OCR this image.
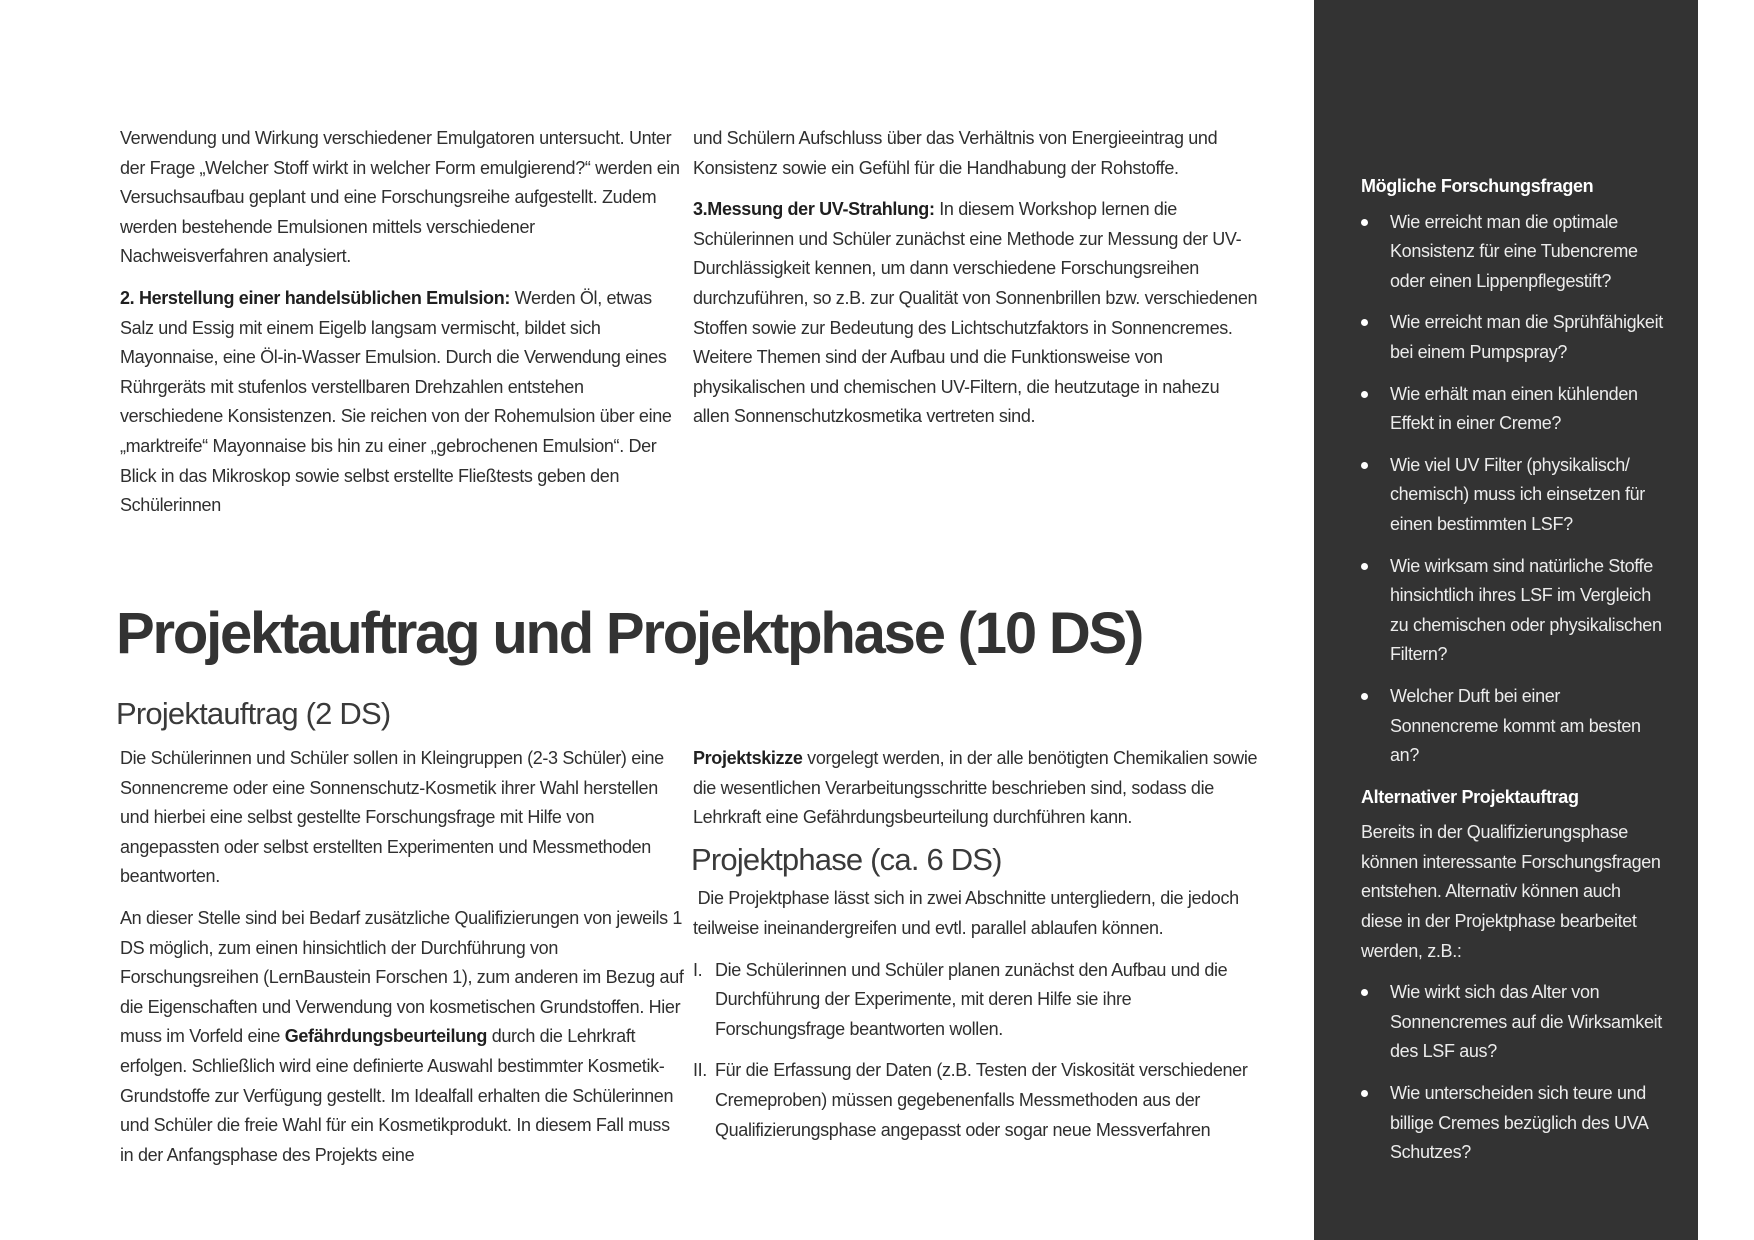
Verwendung und Wirkung verschiedener Emulgatoren untersucht. Unter der Frage „Welcher Stoff wirkt in welcher Form emulgierend?“ werden ein Versuchsaufbau geplant und eine Forschungsreihe aufgestellt. Zudem werden bestehende Emulsionen mittels verschiedener Nachweisverfahren analysiert.

2. Herstellung einer handelsüblichen Emulsion: Werden Öl, etwas Salz und Essig mit einem Eigelb langsam vermischt, bildet sich Mayonnaise, eine Öl-in-Wasser Emulsion. Durch die Verwendung eines Rührgeräts mit stufenlos verstellbaren Drehzahlen entstehen verschiedene Konsistenzen. Sie reichen von der Rohemulsion über eine „marktreife“ Mayonnaise bis hin zu einer „gebrochenen Emulsion“. Der Blick in das Mikroskop sowie selbst erstellte Fließtests geben den Schülerinnen

und Schülern Aufschluss über das Verhältnis von Energieeintrag und Konsistenz sowie ein Gefühl für die Handhabung der Rohstoffe.

3.Messung der UV-Strahlung: In diesem Workshop lernen die Schülerinnen und Schüler zunächst eine Methode zur Messung der UV-Durchlässigkeit kennen, um dann verschiedene Forschungsreihen durchzuführen, so z.B. zur Qualität von Sonnenbrillen bzw. verschiedenen Stoffen sowie zur Bedeutung des Lichtschutzfaktors in Sonnencremes. Weitere Themen sind der Aufbau und die Funktionsweise von physikalischen und chemischen UV-Filtern, die heutzutage in nahezu allen Sonnenschutzkosmetika vertreten sind.

Projektauftrag und Projektphase (10 DS)
Projektauftrag (2 DS)

Die Schülerinnen und Schüler sollen in Kleingruppen (2-3 Schüler) eine Sonnencreme oder eine Sonnenschutz-Kosmetik ihrer Wahl herstellen und hierbei eine selbst gestellte Forschungsfrage mit Hilfe von angepassten oder selbst erstellten Experimenten und Messmethoden beantworten.

An dieser Stelle sind bei Bedarf zusätzliche Qualifizierungen von jeweils 1 DS möglich, zum einen hinsichtlich der Durchführung von Forschungsreihen (LernBaustein Forschen 1), zum anderen im Bezug auf die Eigenschaften und Verwendung von kosmetischen Grundstoffen. Hier muss im Vorfeld eine Gefährdungsbeurteilung durch die Lehrkraft erfolgen. Schließlich wird eine definierte Auswahl bestimmter Kosmetik-Grundstoffe zur Verfügung gestellt. Im Idealfall erhalten die Schülerinnen und Schüler die freie Wahl für ein Kosmetikprodukt. In diesem Fall muss in der Anfangsphase des Projekts eine

Projektskizze vorgelegt werden, in der alle benötigten Chemikalien sowie die wesentlichen Verarbeitungsschritte beschrieben sind, sodass die Lehrkraft eine Gefährdungsbeurteilung durchführen kann.

Projektphase (ca. 6 DS)

Die Projektphase lässt sich in zwei Abschnitte untergliedern, die jedoch teilweise ineinandergreifen und evtl. parallel ablaufen können.

I. Die Schülerinnen und Schüler planen zunächst den Aufbau und die Durchführung der Experimente, mit deren Hilfe sie ihre Forschungsfrage beantworten wollen.
II. Für die Erfassung der Daten (z.B. Testen der Viskosität verschiedener Cremeproben) müssen gegebenenfalls Messmethoden aus der Qualifizierungsphase angepasst oder sogar neue Messverfahren
Mögliche Forschungsfragen
Wie erreicht man die optimale Konsistenz für eine Tubencreme oder einen Lippenpflegestift?
Wie erreicht man die Sprühfähigkeit bei einem Pumpspray?
Wie erhält man einen kühlenden Effekt in einer Creme?
Wie viel UV Filter (physikalisch/ chemisch) muss ich einsetzen für einen bestimmten LSF?
Wie wirksam sind natürliche Stoffe hinsichtlich ihres LSF im Vergleich zu chemischen oder physikalischen Filtern?
Welcher Duft bei einer Sonnencreme kommt am besten an?
Alternativer Projektauftrag

Bereits in der Qualifizierungsphase können interessante Forschungsfragen entstehen. Alternativ können auch diese in der Projektphase bearbeitet werden, z.B.:

Wie wirkt sich das Alter von Sonnencremes auf die Wirksamkeit des LSF aus?
Wie unterscheiden sich teure und billige Cremes bezüglich des UVA Schutzes?
